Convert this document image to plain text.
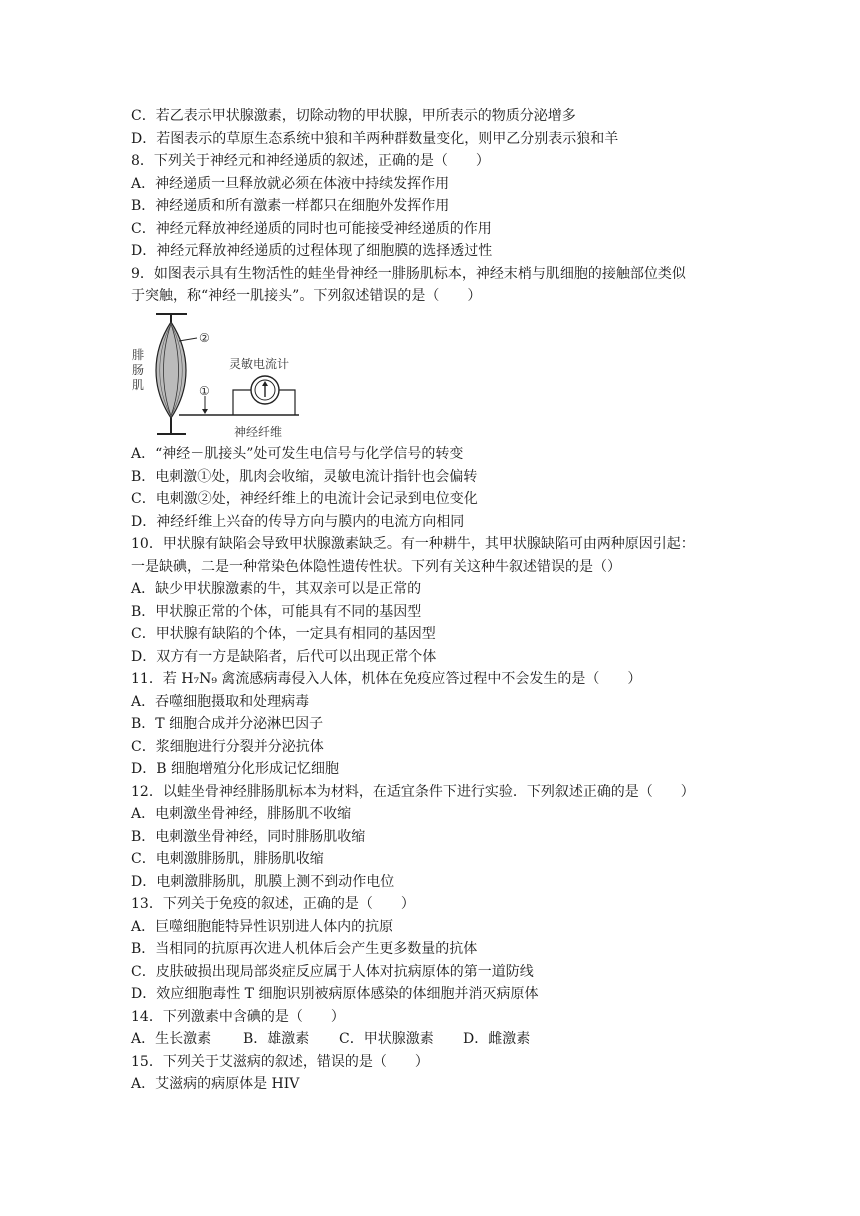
C．若乙表示甲状腺激素，切除动物的甲状腺，甲所表示的物质分泌增多
D．若图表示的草原生态系统中狼和羊两种群数量变化，则甲乙分别表示狼和羊
8．下列关于神经元和神经递质的叙述，正确的是（　　）
A．神经递质一旦释放就必须在体液中持续发挥作用
B．神经递质和所有激素一样都只在细胞外发挥作用
C．神经元释放神经递质的同时也可能接受神经递质的作用
D．神经元释放神经递质的过程体现了细胞膜的选择透过性
9．如图表示具有生物活性的蛙坐骨神经一腓肠肌标本，神经末梢与肌细胞的接触部位类似
于突触，称“神经一肌接头”。下列叙述错误的是（　　）
腓肠肌
②
①
灵敏电流计
神经纤维
A．“神经－肌接头”处可发生电信号与化学信号的转变
B．电刺激①处，肌肉会收缩，灵敏电流计指针也会偏转
C．电刺激②处，神经纤维上的电流计会记录到电位变化
D．神经纤维上兴奋的传导方向与膜内的电流方向相同
10．甲状腺有缺陷会导致甲状腺激素缺乏。有一种耕牛，其甲状腺缺陷可由两种原因引起：
一是缺碘，二是一种常染色体隐性遗传性状。下列有关这种牛叙述错误的是（）
A．缺少甲状腺激素的牛，其双亲可以是正常的
B．甲状腺正常的个体，可能具有不同的基因型
C．甲状腺有缺陷的个体，一定具有相同的基因型
D．双方有一方是缺陷者，后代可以出现正常个体
11．若 H₇N₉ 禽流感病毒侵入人体，机体在免疫应答过程中不会发生的是（　　）
A．吞噬细胞摄取和处理病毒
B．T 细胞合成并分泌淋巴因子
C．浆细胞进行分裂并分泌抗体
D．B 细胞增殖分化形成记忆细胞
12．以蛙坐骨神经腓肠肌标本为材料，在适宜条件下进行实验．下列叙述正确的是（　　）
A．电刺激坐骨神经，腓肠肌不收缩
B．电刺激坐骨神经，同时腓肠肌收缩
C．电刺激腓肠肌，腓肠肌收缩
D．电刺激腓肠肌，肌膜上测不到动作电位
13．下列关于免疫的叙述，正确的是（　　）
A．巨噬细胞能特异性识别进人体内的抗原
B．当相同的抗原再次进人机体后会产生更多数量的抗体
C．皮肤破损出现局部炎症反应属于人体对抗病原体的第一道防线
D．效应细胞毒性 T 细胞识别被病原体感染的体细胞并消灭病原体
14．下列激素中含碘的是（　　）
A．生长激素 B．雄激素 C．甲状腺激素 D．雌激素
15．下列关于艾滋病的叙述，错误的是（　　）
A．艾滋病的病原体是 HIV
